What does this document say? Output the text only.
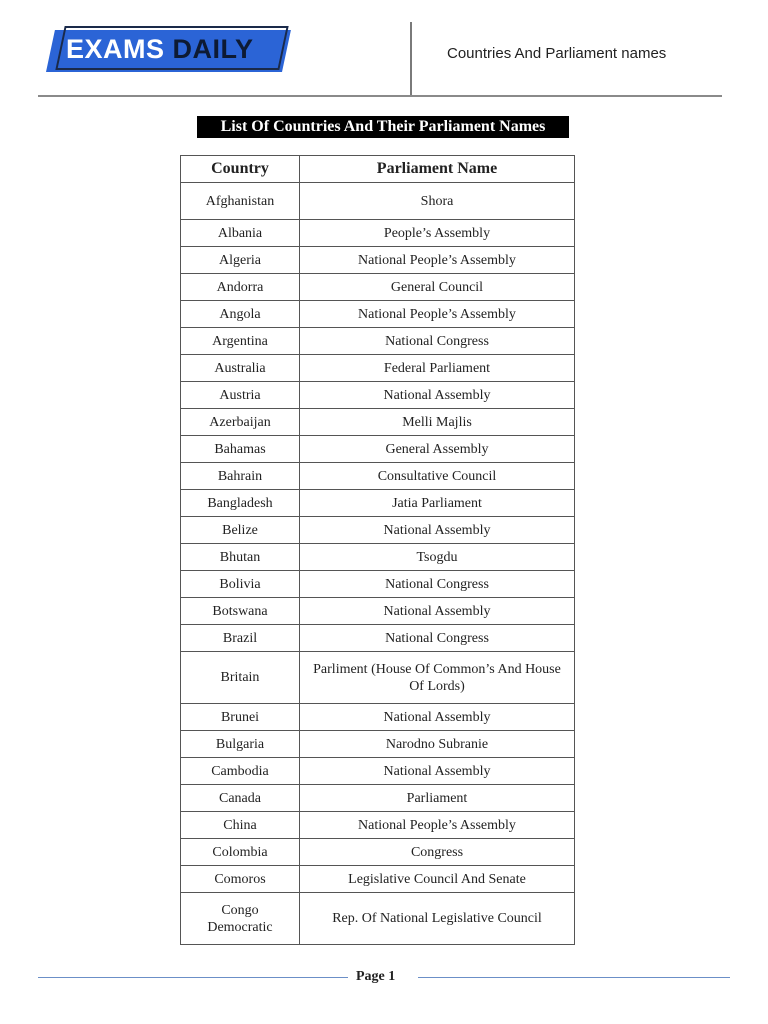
EXAMS DAILY	Countries And Parliament names
List Of Countries And Their Parliament Names
Country	Parliament Name
Afghanistan	Shora
Albania	People’s Assembly
Algeria	National People’s Assembly
Andorra	General Council
Angola	National People’s Assembly
Argentina	National Congress
Australia	Federal Parliament
Austria	National Assembly
Azerbaijan	Melli Majlis
Bahamas	General Assembly
Bahrain	Consultative Council
Bangladesh	Jatia Parliament
Belize	National Assembly
Bhutan	Tsogdu
Bolivia	National Congress
Botswana	National Assembly
Brazil	National Congress
Britain	Parliment (House Of Common’s And House Of Lords)
Brunei	National Assembly
Bulgaria	Narodno Subranie
Cambodia	National Assembly
Canada	Parliament
China	National People’s Assembly
Colombia	Congress
Comoros	Legislative Council And Senate
Congo Democratic	Rep. Of National Legislative Council
Page 1
